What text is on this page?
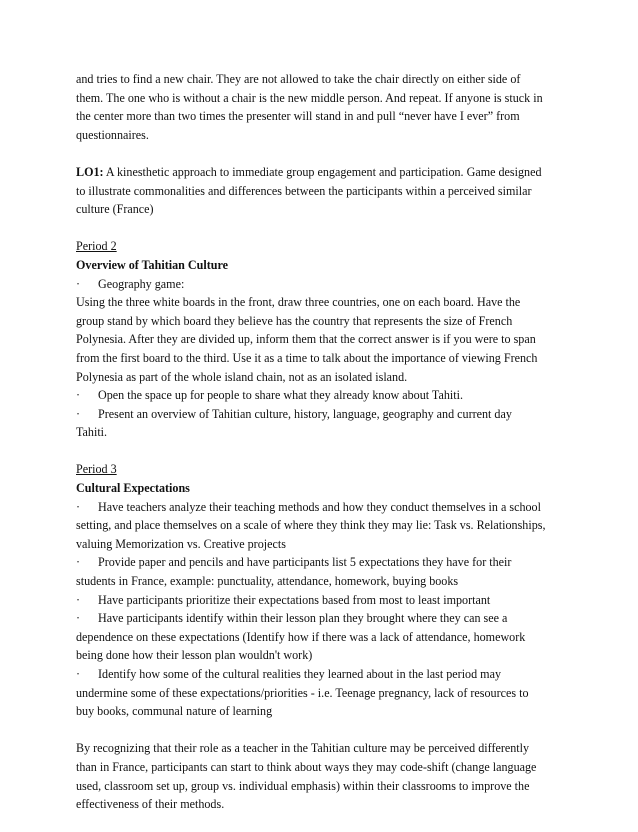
and tries to find a new chair. They are not allowed to take the chair directly on either side of
them. The one who is without a chair is the new middle person. And repeat. If anyone is stuck in
the center more than two times the presenter will stand in and pull “never have I ever” from
questionnaires.
LO1: A kinesthetic approach to immediate group engagement and participation. Game designed
to illustrate commonalities and differences between the participants within a perceived similar
culture (France)
Period 2
Overview of Tahitian Culture
· Geography game:
Using the three white boards in the front, draw three countries, one on each board. Have the
group stand by which board they believe has the country that represents the size of French
Polynesia. After they are divided up, inform them that the correct answer is if you were to span
from the first board to the third. Use it as a time to talk about the importance of viewing French
Polynesia as part of the whole island chain, not as an isolated island.
· Open the space up for people to share what they already know about Tahiti.
· Present an overview of Tahitian culture, history, language, geography and current day
Tahiti.
Period 3
Cultural Expectations
· Have teachers analyze their teaching methods and how they conduct themselves in a school
setting, and place themselves on a scale of where they think they may lie: Task vs. Relationships,
valuing Memorization vs. Creative projects
· Provide paper and pencils and have participants list 5 expectations they have for their
students in France, example: punctuality, attendance, homework, buying books
· Have participants prioritize their expectations based from most to least important
· Have participants identify within their lesson plan they brought where they can see a
dependence on these expectations (Identify how if there was a lack of attendance, homework
being done how their lesson plan wouldn't work)
· Identify how some of the cultural realities they learned about in the last period may
undermine some of these expectations/priorities - i.e. Teenage pregnancy, lack of resources to
buy books, communal nature of learning
By recognizing that their role as a teacher in the Tahitian culture may be perceived differently
than in France, participants can start to think about ways they may code-shift (change language
used, classroom set up, group vs. individual emphasis) within their classrooms to improve the
effectiveness of their methods.
